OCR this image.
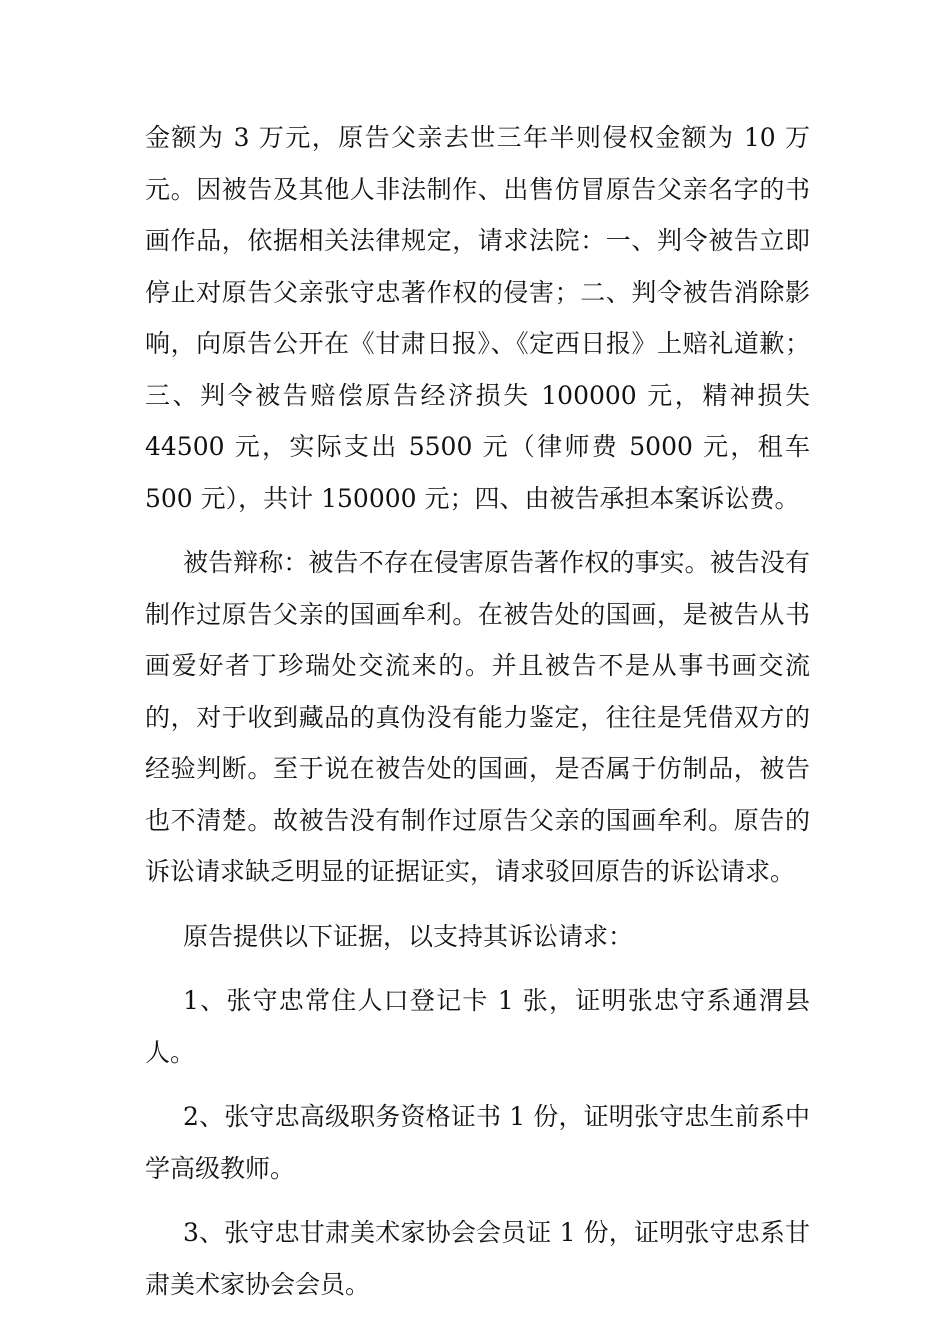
金额为 3 万元，原告父亲去世三年半则侵权金额为 10 万元。因被告及其他人非法制作、出售仿冒原告父亲名字的书画作品，依据相关法律规定，请求法院：一、判令被告立即停止对原告父亲张守忠著作权的侵害；二、判令被告消除影响，向原告公开在《甘肃日报》、《定西日报》上赔礼道歉；三、判令被告赔偿原告经济损失 100000 元，精神损失 44500 元，实际支出 5500 元（律师费 5000 元，租车 500 元），共计 150000 元；四、由被告承担本案诉讼费。

被告辩称：被告不存在侵害原告著作权的事实。被告没有制作过原告父亲的国画牟利。在被告处的国画，是被告从书画爱好者丁珍瑞处交流来的。并且被告不是从事书画交流的，对于收到藏品的真伪没有能力鉴定，往往是凭借双方的经验判断。至于说在被告处的国画，是否属于仿制品，被告也不清楚。故被告没有制作过原告父亲的国画牟利。原告的诉讼请求缺乏明显的证据证实，请求驳回原告的诉讼请求。

原告提供以下证据，以支持其诉讼请求：

1、张守忠常住人口登记卡 1 张，证明张忠守系通渭县人。

2、张守忠高级职务资格证书 1 份，证明张守忠生前系中学高级教师。

3、张守忠甘肃美术家协会会员证 1 份，证明张守忠系甘肃美术家协会会员。
